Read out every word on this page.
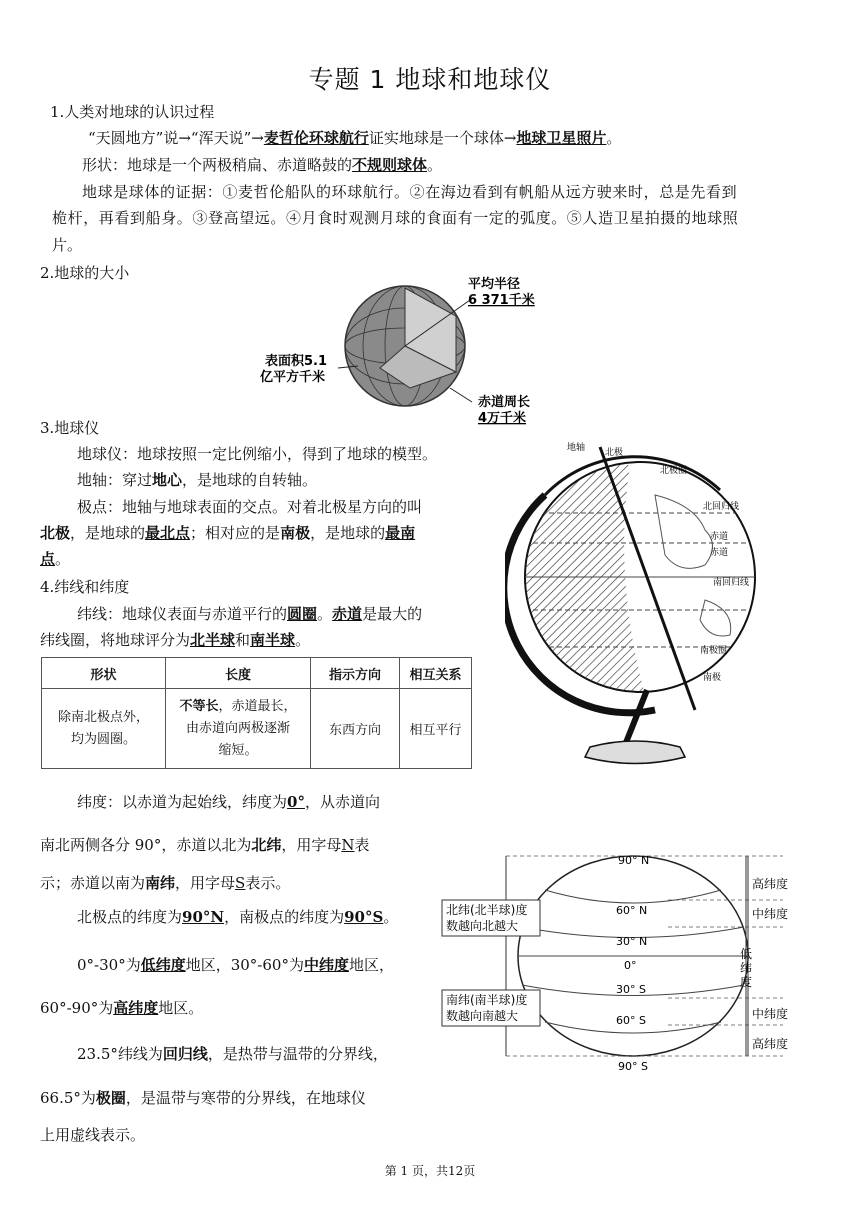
专题 1 地球和地球仪
1.人类对地球的认识过程
“天圆地方”说→“浑天说”→麦哲伦环球航行证实地球是一个球体→地球卫星照片。
形状：地球是一个两极稍扁、赤道略鼓的不规则球体。
地球是球体的证据：①麦哲伦船队的环球航行。②在海边看到有帆船从远方驶来时，总是先看到
桅杆，再看到船身。③登高望远。④月食时观测月球的食面有一定的弧度。⑤人造卫星拍摄的地球照
片。
2.地球的大小
平均半径
6 371千米
表面积5.1
亿平方千米
赤道周长
4万千米
3.地球仪
地球仪：地球按照一定比例缩小，得到了地球的模型。
地轴：穿过地心，是地球的自转轴。
极点：地轴与地球表面的交点。对着北极星方向的叫
北极，是地球的最北点；相对应的是南极，是地球的最南
点。
地轴 北极
北极圈
北回归线
赤道
赤道
南回归线
南极圈
南极
4.纬线和纬度
纬线：地球仪表面与赤道平行的圆圈。赤道是最大的
纬线圈，将地球评分为北半球和南半球。
形状	长度	指示方向	相互关系
除南北极点外，
均为圆圈。	不等长，赤道最长，
由赤道向两极逐渐
缩短。	东西方向	相互平行
纬度：以赤道为起始线，纬度为0°，从赤道向
南北两侧各分 90°，赤道以北为北纬，用字母N表
示；赤道以南为南纬，用字母S表示。
北极点的纬度为90°N，南极点的纬度为90°S。
0°-30°为低纬度地区，30°-60°为中纬度地区，
60°-90°为高纬度地区。
23.5°纬线为回归线，是热带与温带的分界线，
66.5°为极圈，是温带与寒带的分界线，在地球仪
上用虚线表示。
90° N
60° N
30° N
0°
30° S
60° S
90° S
北纬(北半球)度
数越向北越大
南纬(南半球)度
数越向南越大
高纬度
中纬度
低
纬
度
中纬度
高纬度
第 1 页，共12页
